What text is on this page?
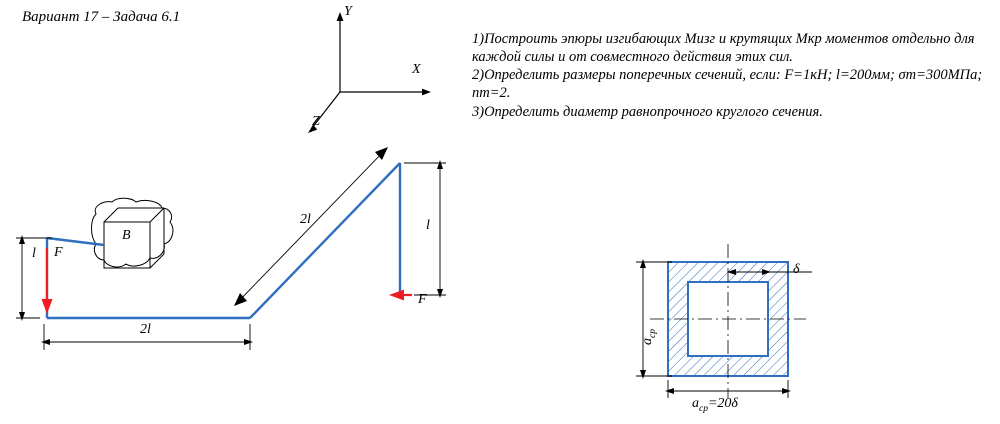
Вариант 17 – Задача 6.1
1)Построить эпюры изгибающих Мизг и крутящих Мкр моментов отдельно для каждой силы и от совместного действия этих сил.
2)Определить размеры поперечных сечений, если: F=1кН; l=200мм; σт=300МПа; nт=2.
3)Определить диаметр равнопрочного круглого сечения.
Y
X
Z
B
F
F
l
2l
2l	l
δ
$a_{ср}$
$a_{ср}=20\delta$
